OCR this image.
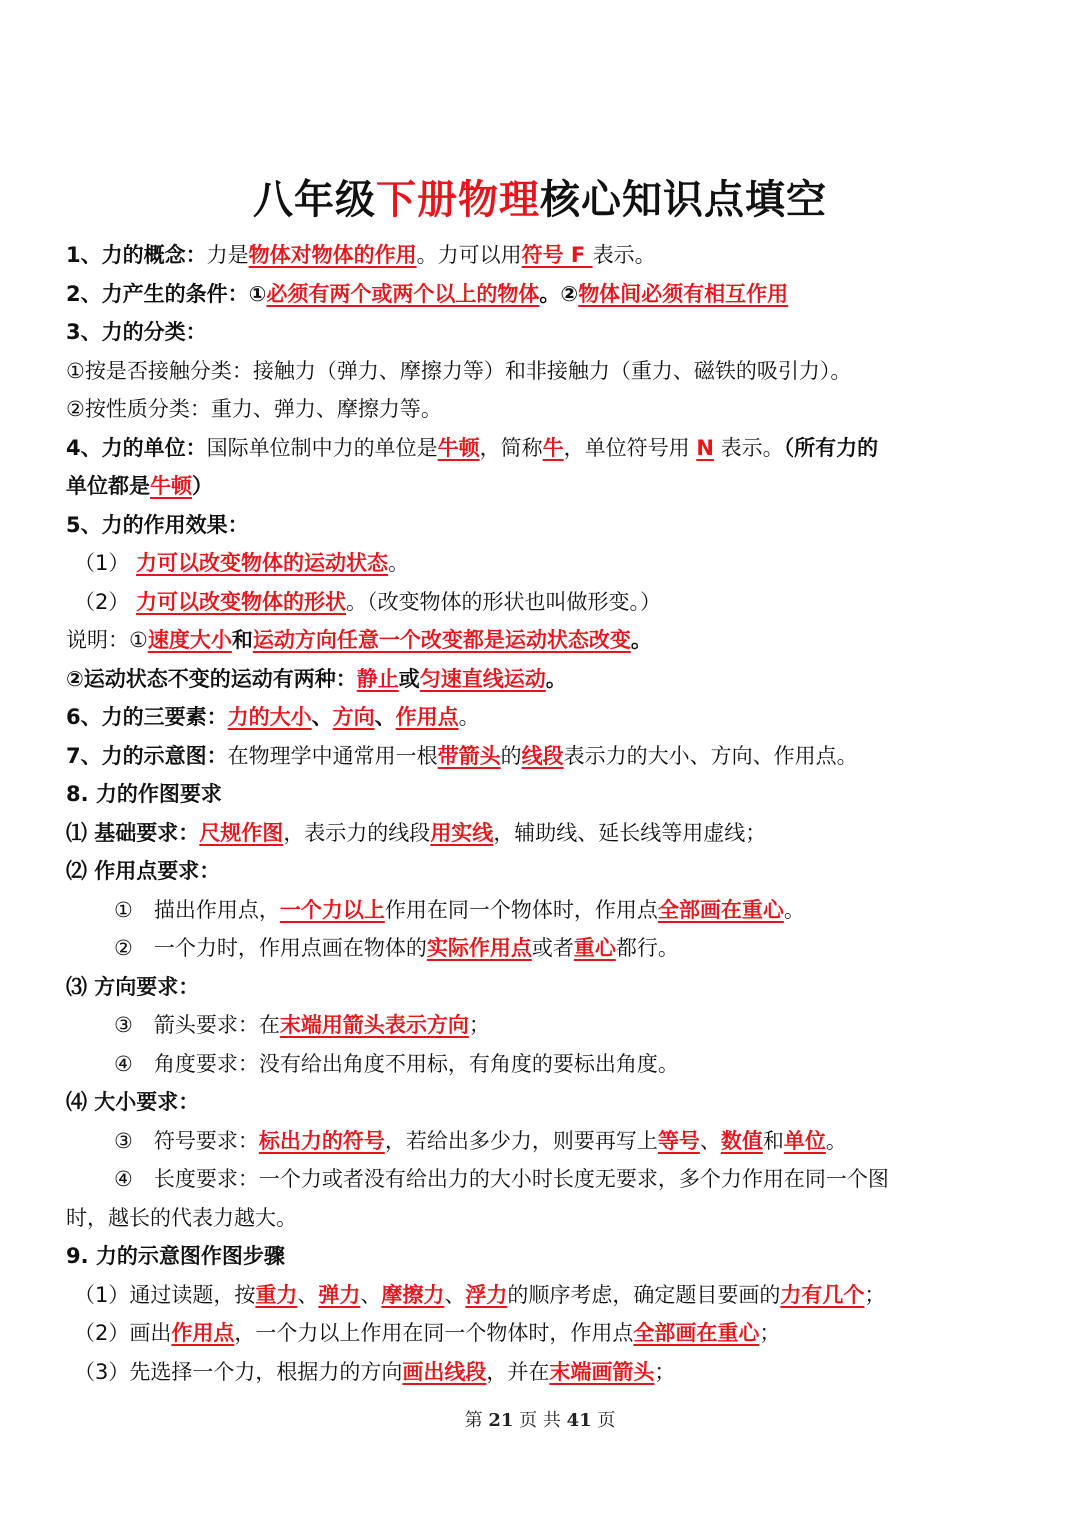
八年级下册物理核心知识点填空
1、力的概念：力是物体对物体的作用。力可以用符号 F 表示。
2、力产生的条件：①必须有两个或两个以上的物体。②物体间必须有相互作用
3、力的分类：
①按是否接触分类：接触力（弹力、摩擦力等）和非接触力（重力、磁铁的吸引力）。
②按性质分类：重力、弹力、摩擦力等。
4、力的单位：国际单位制中力的单位是牛顿，简称牛，单位符号用 N 表示。（所有力的
单位都是牛顿）
5、力的作用效果：
（1） 力可以改变物体的运动状态。
（2） 力可以改变物体的形状。（改变物体的形状也叫做形变。）
说明：①速度大小和运动方向任意一个改变都是运动状态改变。
②运动状态不变的运动有两种：静止或匀速直线运动。
6、力的三要素：力的大小、方向、作用点。
7、力的示意图：在物理学中通常用一根带箭头的线段表示力的大小、方向、作用点。
8. 力的作图要求
⑴ 基础要求：尺规作图，表示力的线段用实线，辅助线、延长线等用虚线；
⑵ 作用点要求：
①　描出作用点，一个力以上作用在同一个物体时，作用点全部画在重心。
②　一个力时，作用点画在物体的实际作用点或者重心都行。
⑶ 方向要求：
③　箭头要求：在末端用箭头表示方向；
④　角度要求：没有给出角度不用标，有角度的要标出角度。
⑷ 大小要求：
③　符号要求：标出力的符号，若给出多少力，则要再写上等号、数值和单位。
④　长度要求：一个力或者没有给出力的大小时长度无要求，多个力作用在同一个图
时，越长的代表力越大。
9. 力的示意图作图步骤
（1）通过读题，按重力、弹力、摩擦力、浮力的顺序考虑，确定题目要画的力有几个；
（2）画出作用点，一个力以上作用在同一个物体时，作用点全部画在重心；
（3）先选择一个力，根据力的方向画出线段，并在末端画箭头；
第 21 页 共 41 页
